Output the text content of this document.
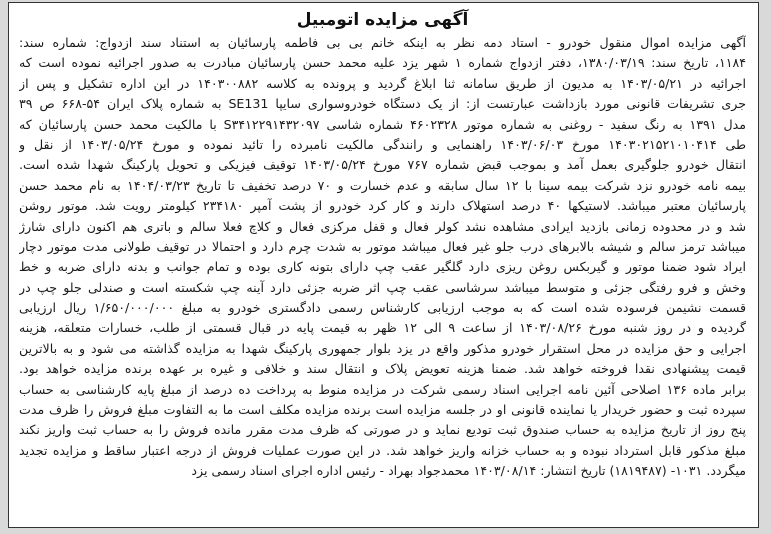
آگهی مزایده اتومبیل
آگهی مزایده اموال منقول خودرو - استاد دمه نظر به اینکه خانم بی بی فاطمه پارسائیان به استناد سند ازدواج: شماره سند:
۱۱۸۴، تاریخ سند: ۱۳۸۰/۰۳/۱۹، دفتر ازدواج شماره ۱ شهر یزد علیه محمد حسن پارسائیان مبادرت به صدور اجرائیه نموده است که
اجرائیه در ۱۴۰۳/۰۵/۲۱ به مدیون از طریق سامانه ثنا ابلاغ گردید و پرونده به کلاسه ۱۴۰۳۰۰۸۸۲ در این اداره تشکیل و پس از
جری تشریفات قانونی مورد بازداشت عبارتست از: از یک دستگاه خودروسواری سایپا SE131 به شماره پلاک ایران ۵۴-۶۶۸ ص ۳۹
مدل ۱۳۹۱ به رنگ سفید - روغنی به شماره موتور ۴۶۰۲۳۲۸ شماره شاسی S۳۴۱۲۲۹۱۴۳۲۰۹۷ با مالکیت محمد حسن پارسائیان که
طی ۱۴۰۳۰۲۱۵۲۱۰۱۰۴۱۴ مورخ ۱۴۰۳/۰۶/۰۳ راهنمایی و رانندگی مالکیت نامبرده را تائید نموده و مورخ ۱۴۰۳/۰۵/۲۴ از نقل و
انتقال خودرو جلوگیری بعمل آمد و بموجب قبض شماره ۷۶۷ مورخ ۱۴۰۳/۰۵/۲۴ توقیف فیزیکی و تحویل پارکینگ شهدا شده است.
بیمه نامه خودرو نزد شرکت بیمه سینا با ۱۲ سال سابقه و عدم خسارت و ۷۰ درصد تخفیف تا تاریخ ۱۴۰۴/۰۳/۲۳ به نام محمد حسن
پارسائیان معتبر میباشد. لاستیکها ۴۰ درصد استهلاک دارند و کار کرد خودرو از پشت آمپر ۲۳۴۱۸۰ کیلومتر رویت شد. موتور روشن
شد و در محدوده زمانی بازدید ایرادی مشاهده نشد کولر فعال و قفل مرکزی فعال و کلاچ فعلا سالم و باتری هم اکنون دارای شارژ
میباشد ترمز سالم و شیشه بالابرهای درب جلو غیر فعال میباشد موتور به شدت چرم دارد و احتمالا در توقیف طولانی مدت موتور دچار
ایراد شود ضمنا موتور و گیربکس روغن ریزی دارد گلگیر عقب چپ دارای بتونه کاری بوده و تمام جوانب و بدنه دارای ضربه و خط
وخش و فرو رفتگی جزئی و متوسط میباشد سرشاسی عقب چپ اثر ضربه جزئی دارد آینه چپ شکسته است و صندلی جلو چپ در
قسمت نشیمن فرسوده شده است که به موجب ارزیابی کارشناس رسمی دادگستری خودرو به مبلغ ۱/۶۵۰/۰۰۰/۰۰۰ ریال ارزیابی
گردیده و در روز شنبه مورخ ۱۴۰۳/۰۸/۲۶ از ساعت ۹ الی ۱۲ ظهر به قیمت پایه در قبال قسمتی از طلب، خسارات متعلقه، هزینه
اجرایی و حق مزایده در محل استقرار خودرو مذکور واقع در یزد بلوار جمهوری پارکینگ شهدا به مزایده گذاشته می شود و به بالاترین
قیمت پیشنهادی نقدا فروخته خواهد شد. ضمنا هزینه تعویض پلاک و انتقال سند و خلافی و غیره بر عهده برنده مزایده خواهد بود.
برابر ماده ۱۳۶ اصلاحی آئین نامه اجرایی اسناد رسمی شرکت در مزایده منوط به پرداخت ده درصد از مبلغ پایه کارشناسی به حساب
سپرده ثبت و حضور خریدار یا نماینده قانونی او در جلسه مزایده است برنده مزایده مکلف است ما به التفاوت مبلغ فروش را ظرف مدت
پنج روز از تاریخ مزایده به حساب صندوق ثبت تودیع نماید و در صورتی که ظرف مدت مقرر مانده فروش را به حساب ثبت واریز نکند
مبلغ مذکور قابل استرداد نبوده و به حساب خزانه واریز خواهد شد. در این صورت عملیات فروش از درجه اعتبار ساقط و مزایده تجدید
میگردد. ۱۰۳۱- (۱۸۱۹۴۸۷) تاریخ انتشار: ۱۴۰۳/۰۸/۱۴ محمدجواد بهراد - رئیس اداره اجرای اسناد رسمی یزد
